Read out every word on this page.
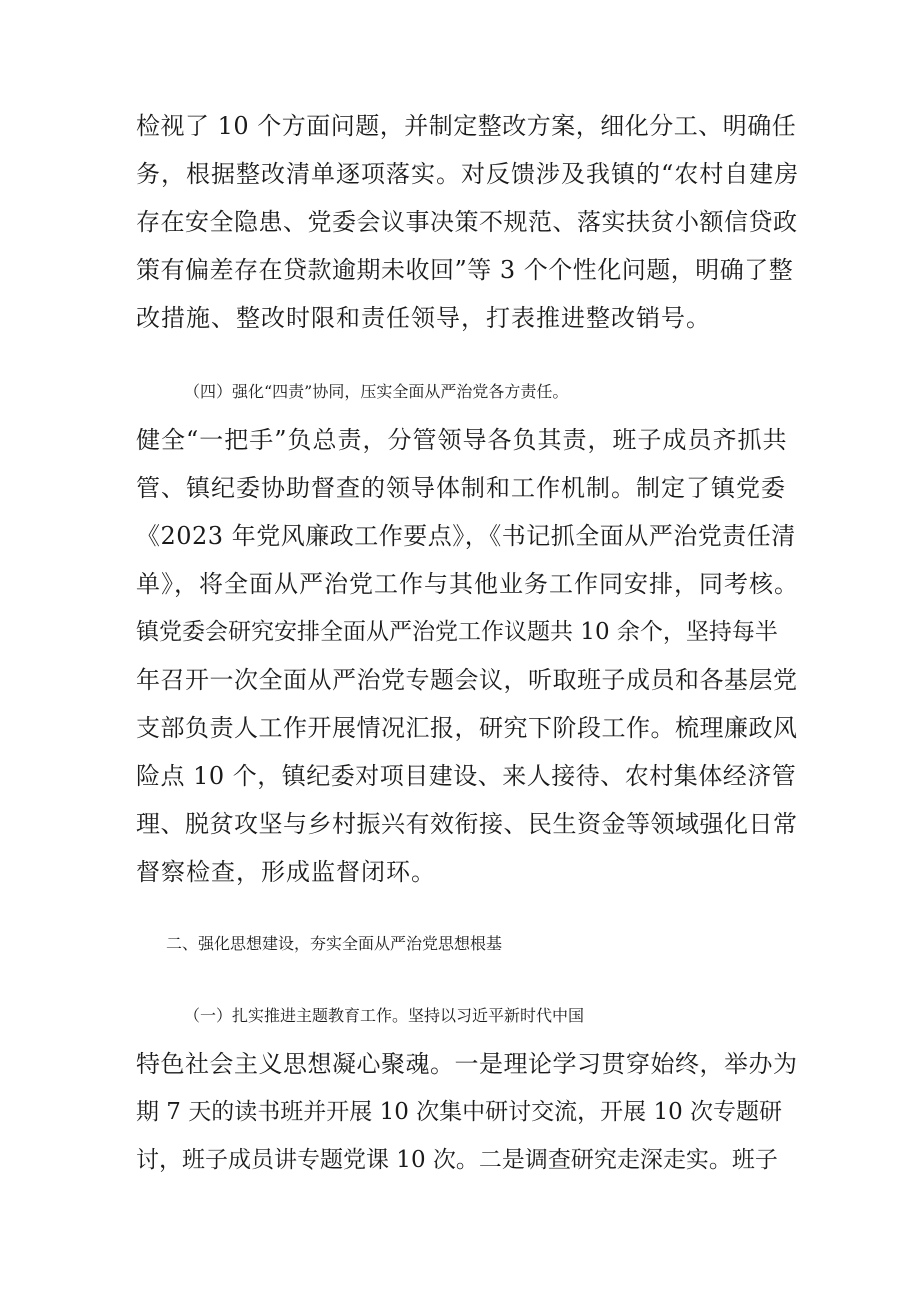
检视了 10 个方面问题，并制定整改方案，细化分工、明确任
务，根据整改清单逐项落实。对反馈涉及我镇的“农村自建房
存在安全隐患、党委会议事决策不规范、落实扶贫小额信贷政
策有偏差存在贷款逾期未收回”等 3 个个性化问题，明确了整
改措施、整改时限和责任领导，打表推进整改销号。
（四）强化“四责”协同，压实全面从严治党各方责任。
健全“一把手”负总责，分管领导各负其责，班子成员齐抓共
管、镇纪委协助督查的领导体制和工作机制。制定了镇党委
《2023 年党风廉政工作要点》，《书记抓全面从严治党责任清
单》，将全面从严治党工作与其他业务工作同安排，同考核。
镇党委会研究安排全面从严治党工作议题共 10 余个，坚持每半
年召开一次全面从严治党专题会议，听取班子成员和各基层党
支部负责人工作开展情况汇报，研究下阶段工作。梳理廉政风
险点 10 个，镇纪委对项目建设、来人接待、农村集体经济管
理、脱贫攻坚与乡村振兴有效衔接、民生资金等领域强化日常
督察检查，形成监督闭环。
二、强化思想建设，夯实全面从严治党思想根基
（一）扎实推进主题教育工作。坚持以习近平新时代中国
特色社会主义思想凝心聚魂。一是理论学习贯穿始终，举办为
期 7 天的读书班并开展 10 次集中研讨交流，开展 10 次专题研
讨，班子成员讲专题党课 10 次。二是调查研究走深走实。班子
